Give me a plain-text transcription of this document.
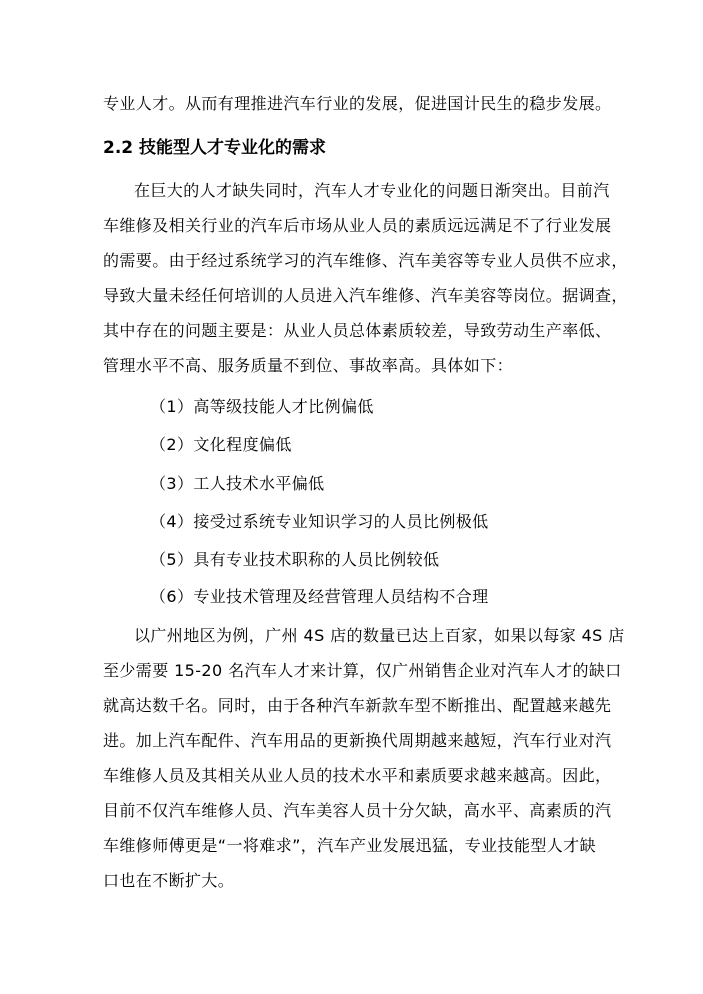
专业人才。从而有理推进汽车行业的发展，促进国计民生的稳步发展。
2.2 技能型人才专业化的需求
在巨大的人才缺失同时，汽车人才专业化的问题日渐突出。目前汽
车维修及相关行业的汽车后市场从业人员的素质远远满足不了行业发展
的需要。由于经过系统学习的汽车维修、汽车美容等专业人员供不应求，
导致大量未经任何培训的人员进入汽车维修、汽车美容等岗位。据调查，
其中存在的问题主要是：从业人员总体素质较差，导致劳动生产率低、
管理水平不高、服务质量不到位、事故率高。具体如下：
（1）高等级技能人才比例偏低
（2）文化程度偏低
（3）工人技术水平偏低
（4）接受过系统专业知识学习的人员比例极低
（5）具有专业技术职称的人员比例较低
（6）专业技术管理及经营管理人员结构不合理
以广州地区为例，广州 4S 店的数量已达上百家，如果以每家 4S 店
至少需要 15-20 名汽车人才来计算，仅广州销售企业对汽车人才的缺口
就高达数千名。同时，由于各种汽车新款车型不断推出、配置越来越先
进。加上汽车配件、汽车用品的更新换代周期越来越短，汽车行业对汽
车维修人员及其相关从业人员的技术水平和素质要求越来越高。因此，
目前不仅汽车维修人员、汽车美容人员十分欠缺，高水平、高素质的汽
车维修师傅更是“一将难求”，汽车产业发展迅猛，专业技能型人才缺
口也在不断扩大。
